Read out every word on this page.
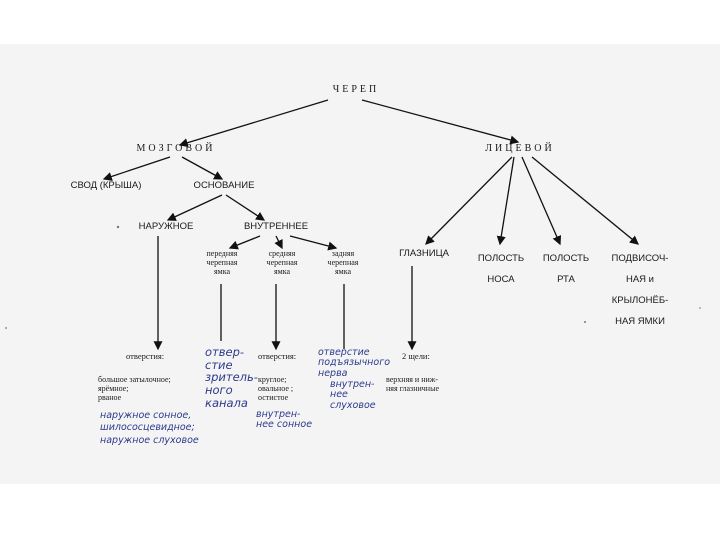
ЧЕРЕП
МОЗГОВОЙ	ЛИЦЕВОЙ
СВОД (КРЫША)	ОСНОВАНИЕ
НАРУЖНОЕ	ВНУТРЕННЕЕ
передняя
черепная
ямка
средняя
черепная
ямка
задняя
черепная
ямка
ГЛАЗНИЦА	ПОЛОСТЬ
НОСА
ПОЛОСТЬ
РТА
ПОДВИСОЧ-
НАЯ и
КРЫЛОНЁБ-
НАЯ ЯМКИ
отверстия:
большое затылочное;
ярёмное;
рваное
отверстия:
круглое;
овальное ;
остистое
2 щели:
верхняя и ниж-
няя глазничные
отвер-
стие
зритель-
ного
канала
наружное сонное,
шилососцевидное;
наружное слуховое
внутрен-
нее сонное
отверстие
подъязычного
нерва
внутрен-
нее
слуховое
